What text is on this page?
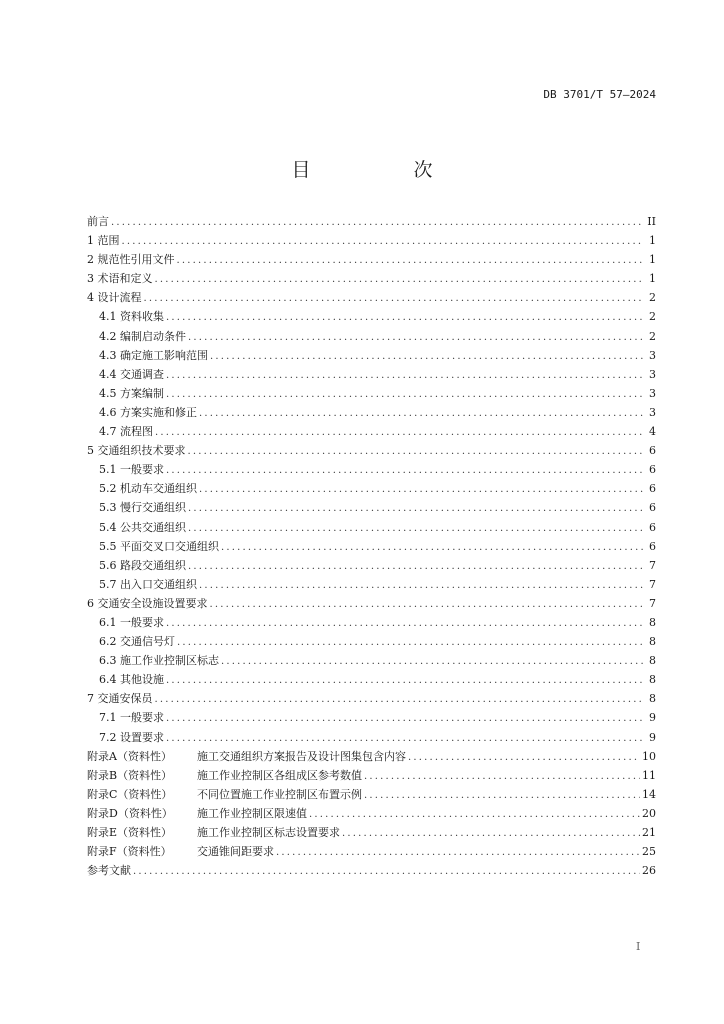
DB 3701/T 57—2024
目　次
前言 .....	II
1 范围 .....	1
2 规范性引用文件 .....	1
3 术语和定义 .....	1
4 设计流程 .....	2
4.1 资料收集 .....	2
4.2 编制启动条件 .....	2
4.3 确定施工影响范围 .....	3
4.4 交通调查 .....	3
4.5 方案编制 .....	3
4.6 方案实施和修正 .....	3
4.7 流程图 .....	4
5 交通组织技术要求 .....	6
5.1 一般要求 .....	6
5.2 机动车交通组织 .....	6
5.3 慢行交通组织 .....	6
5.4 公共交通组织 .....	6
5.5 平面交叉口交通组织 .....	6
5.6 路段交通组织 .....	7
5.7 出入口交通组织 .....	7
6 交通安全设施设置要求 .....	7
6.1 一般要求 .....	8
6.2 交通信号灯 .....	8
6.3 施工作业控制区标志 .....	8
6.4 其他设施 .....	8
7 交通安保员 .....	8
7.1 一般要求 .....	9
7.2 设置要求 .....	9
附录A（资料性）	施工交通组织方案报告及设计图集包含内容 .....	10
附录B（资料性）	施工作业控制区各组成区参考数值 .....	11
附录C（资料性）	不同位置施工作业控制区布置示例 .....	14
附录D（资料性）	施工作业控制区限速值 .....	20
附录E（资料性）	施工作业控制区标志设置要求 .....	21
附录F（资料性）	交通锥间距要求 .....	25
参考文献 .....	26
I
